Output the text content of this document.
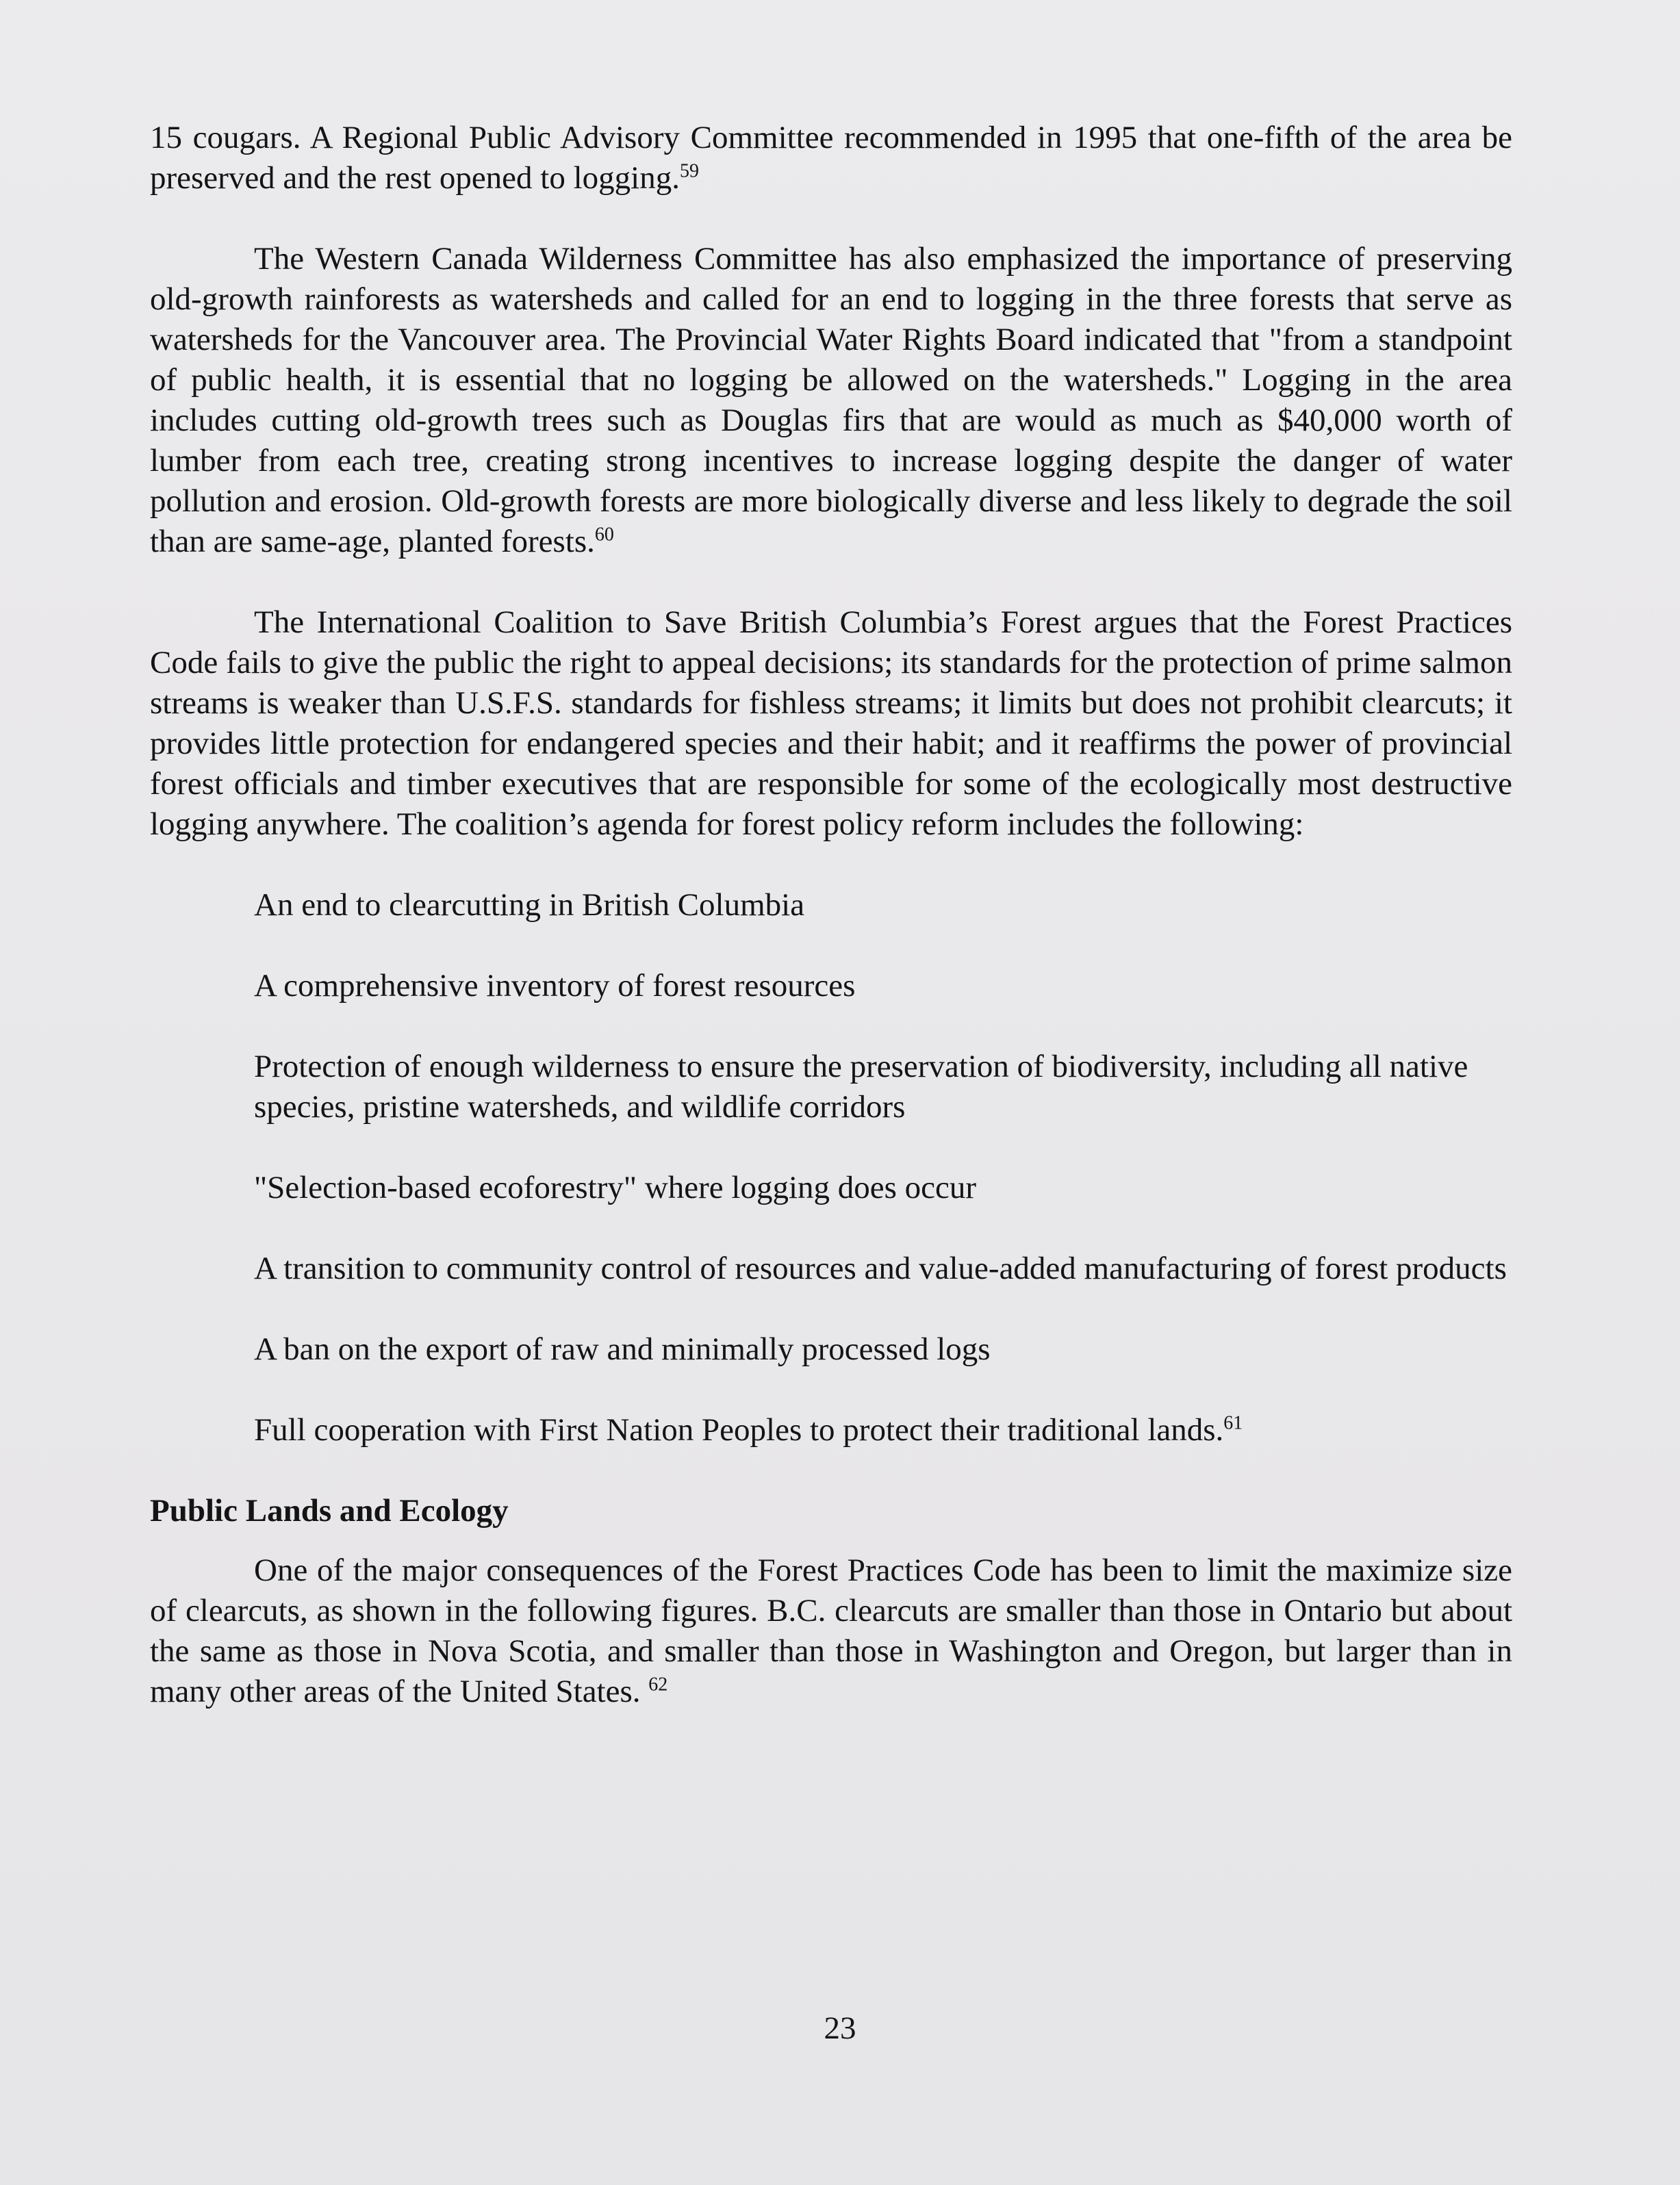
15 cougars. A Regional Public Advisory Committee recommended in 1995 that one-fifth of the area be preserved and the rest opened to logging.$^{59}$

The Western Canada Wilderness Committee has also emphasized the importance of preserving old-growth rainforests as watersheds and called for an end to logging in the three forests that serve as watersheds for the Vancouver area. The Provincial Water Rights Board indicated that "from a standpoint of public health, it is essential that no logging be allowed on the watersheds." Logging in the area includes cutting old-growth trees such as Douglas firs that are would as much as $40,000 worth of lumber from each tree, creating strong incentives to increase logging despite the danger of water pollution and erosion. Old-growth forests are more biologically diverse and less likely to degrade the soil than are same-age, planted forests.$^{60}$

The International Coalition to Save British Columbia’s Forest argues that the Forest Practices Code fails to give the public the right to appeal decisions; its standards for the protection of prime salmon streams is weaker than U.S.F.S. standards for fishless streams; it limits but does not prohibit clearcuts; it provides little protection for endangered species and their habit; and it reaffirms the power of provincial forest officials and timber executives that are responsible for some of the ecologically most destructive logging anywhere. The coalition’s agenda for forest policy reform includes the following:

An end to clearcutting in British Columbia

A comprehensive inventory of forest resources

Protection of enough wilderness to ensure the preservation of biodiversity, including all native species, pristine watersheds, and wildlife corridors

"Selection-based ecoforestry" where logging does occur

A transition to community control of resources and value-added manufacturing of forest products

A ban on the export of raw and minimally processed logs

Full cooperation with First Nation Peoples to protect their traditional lands.$^{61}$

Public Lands and Ecology

One of the major consequences of the Forest Practices Code has been to limit the maximize size of clearcuts, as shown in the following figures. B.C. clearcuts are smaller than those in Ontario but about the same as those in Nova Scotia, and smaller than those in Washington and Oregon, but larger than in many other areas of the United States. $^{62}$

23
